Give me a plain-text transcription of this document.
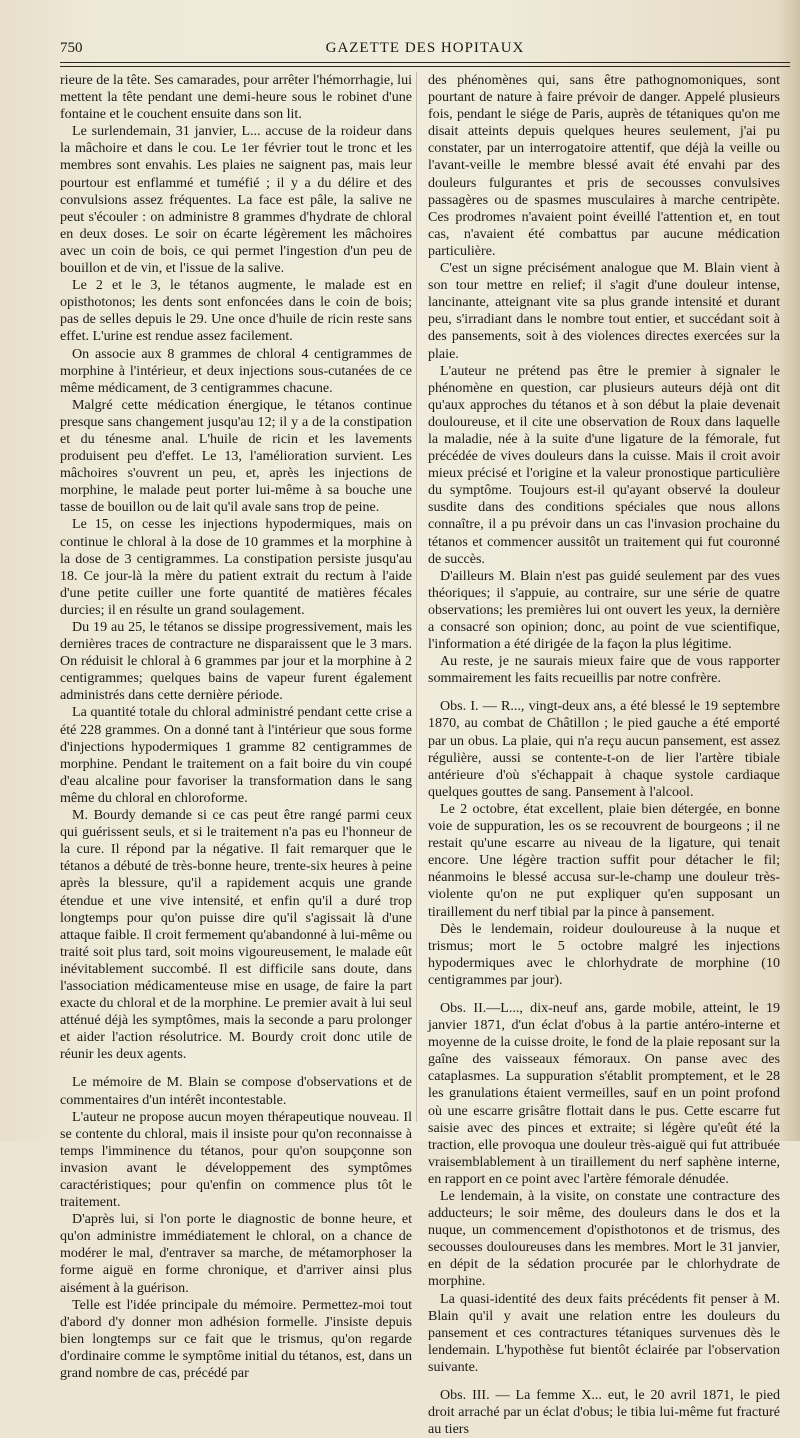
750	GAZETTE DES HOPITAUX

rieure de la tête. Ses camarades, pour arrêter l'hémorrhagie, lui mettent la tête pendant une demi-heure sous le robinet d'une fontaine et le couchent ensuite dans son lit.

Le surlendemain, 31 janvier, L... accuse de la roideur dans la mâchoire et dans le cou. Le 1er février tout le tronc et les membres sont envahis. Les plaies ne saignent pas, mais leur pourtour est enflammé et tuméfié ; il y a du délire et des convulsions assez fréquentes. La face est pâle, la salive ne peut s'écouler : on administre 8 grammes d'hydrate de chloral en deux doses. Le soir on écarte légèrement les mâchoires avec un coin de bois, ce qui permet l'ingestion d'un peu de bouillon et de vin, et l'issue de la salive.

Le 2 et le 3, le tétanos augmente, le malade est en opisthotonos; les dents sont enfoncées dans le coin de bois; pas de selles depuis le 29. Une once d'huile de ricin reste sans effet. L'urine est rendue assez facilement.

On associe aux 8 grammes de chloral 4 centigrammes de morphine à l'intérieur, et deux injections sous-cutanées de ce même médicament, de 3 centigrammes chacune.

Malgré cette médication énergique, le tétanos continue presque sans changement jusqu'au 12; il y a de la constipation et du ténesme anal. L'huile de ricin et les lavements produisent peu d'effet. Le 13, l'amélioration survient. Les mâchoires s'ouvrent un peu, et, après les injections de morphine, le malade peut porter lui-même à sa bouche une tasse de bouillon ou de lait qu'il avale sans trop de peine.

Le 15, on cesse les injections hypodermiques, mais on continue le chloral à la dose de 10 grammes et la morphine à la dose de 3 centigrammes. La constipation persiste jusqu'au 18. Ce jour-là la mère du patient extrait du rectum à l'aide d'une petite cuiller une forte quantité de matières fécales durcies; il en résulte un grand soulagement.

Du 19 au 25, le tétanos se dissipe progressivement, mais les dernières traces de contracture ne disparaissent que le 3 mars. On réduisit le chloral à 6 grammes par jour et la morphine à 2 centigrammes; quelques bains de vapeur furent également administrés dans cette dernière période.

La quantité totale du chloral administré pendant cette crise a été 228 grammes. On a donné tant à l'intérieur que sous forme d'injections hypodermiques 1 gramme 82 centigrammes de morphine. Pendant le traitement on a fait boire du vin coupé d'eau alcaline pour favoriser la transformation dans le sang même du chloral en chloroforme.

M. Bourdy demande si ce cas peut être rangé parmi ceux qui guérissent seuls, et si le traitement n'a pas eu l'honneur de la cure. Il répond par la négative. Il fait remarquer que le tétanos a débuté de très-bonne heure, trente-six heures à peine après la blessure, qu'il a rapidement acquis une grande étendue et une vive intensité, et enfin qu'il a duré trop longtemps pour qu'on puisse dire qu'il s'agissait là d'une attaque faible. Il croit fermement qu'abandonné à lui-même ou traité soit plus tard, soit moins vigoureusement, le malade eût inévitablement succombé. Il est difficile sans doute, dans l'association médicamenteuse mise en usage, de faire la part exacte du chloral et de la morphine. Le premier avait à lui seul atténué déjà les symptômes, mais la seconde a paru prolonger et aider l'action résolutrice. M. Bourdy croit donc utile de réunir les deux agents.

Le mémoire de M. Blain se compose d'observations et de commentaires d'un intérêt incontestable.

L'auteur ne propose aucun moyen thérapeutique nouveau. Il se contente du chloral, mais il insiste pour qu'on reconnaisse à temps l'imminence du tétanos, pour qu'on soupçonne son invasion avant le développement des symptômes caractéristiques; pour qu'enfin on commence plus tôt le traitement.

D'après lui, si l'on porte le diagnostic de bonne heure, et qu'on administre immédiatement le chloral, on a chance de modérer le mal, d'entraver sa marche, de métamorphoser la forme aiguë en forme chronique, et d'arriver ainsi plus aisément à la guérison.

Telle est l'idée principale du mémoire. Permettez-moi tout d'abord d'y donner mon adhésion formelle. J'insiste depuis bien longtemps sur ce fait que le trismus, qu'on regarde d'ordinaire comme le symptôme initial du tétanos, est, dans un grand nombre de cas, précédé par

des phénomènes qui, sans être pathognomoniques, sont pourtant de nature à faire prévoir de danger. Appelé plusieurs fois, pendant le siége de Paris, auprès de tétaniques qu'on me disait atteints depuis quelques heures seulement, j'ai pu constater, par un interrogatoire attentif, que déjà la veille ou l'avant-veille le membre blessé avait été envahi par des douleurs fulgurantes et pris de secousses convulsives passagères ou de spasmes musculaires à marche centripète. Ces prodromes n'avaient point éveillé l'attention et, en tout cas, n'avaient été combattus par aucune médication particulière.

C'est un signe précisément analogue que M. Blain vient à son tour mettre en relief; il s'agit d'une douleur intense, lancinante, atteignant vite sa plus grande intensité et durant peu, s'irradiant dans le nombre tout entier, et succédant soit à des pansements, soit à des violences directes exercées sur la plaie.

L'auteur ne prétend pas être le premier à signaler le phénomène en question, car plusieurs auteurs déjà ont dit qu'aux approches du tétanos et à son début la plaie devenait douloureuse, et il cite une observation de Roux dans laquelle la maladie, née à la suite d'une ligature de la fémorale, fut précédée de vives douleurs dans la cuisse. Mais il croit avoir mieux précisé et l'origine et la valeur pronostique particulière du symptôme. Toujours est-il qu'ayant observé la douleur susdite dans des conditions spéciales que nous allons connaître, il a pu prévoir dans un cas l'invasion prochaine du tétanos et commencer aussitôt un traitement qui fut couronné de succès.

D'ailleurs M. Blain n'est pas guidé seulement par des vues théoriques; il s'appuie, au contraire, sur une série de quatre observations; les premières lui ont ouvert les yeux, la dernière a consacré son opinion; donc, au point de vue scientifique, l'information a été dirigée de la façon la plus légitime.

Au reste, je ne saurais mieux faire que de vous rapporter sommairement les faits recueillis par notre confrère.

Obs. I. — R..., vingt-deux ans, a été blessé le 19 septembre 1870, au combat de Châtillon ; le pied gauche a été emporté par un obus. La plaie, qui n'a reçu aucun pansement, est assez régulière, aussi se contente-t-on de lier l'artère tibiale antérieure d'où s'échappait à chaque systole cardiaque quelques gouttes de sang. Pansement à l'alcool.

Le 2 octobre, état excellent, plaie bien détergée, en bonne voie de suppuration, les os se recouvrent de bourgeons ; il ne restait qu'une escarre au niveau de la ligature, qui tenait encore. Une légère traction suffit pour détacher le fil; néanmoins le blessé accusa sur-le-champ une douleur très-violente qu'on ne put expliquer qu'en supposant un tiraillement du nerf tibial par la pince à pansement.

Dès le lendemain, roideur douloureuse à la nuque et trismus; mort le 5 octobre malgré les injections hypodermiques avec le chlorhydrate de morphine (10 centigrammes par jour).

Obs. II.—L..., dix-neuf ans, garde mobile, atteint, le 19 janvier 1871, d'un éclat d'obus à la partie antéro-interne et moyenne de la cuisse droite, le fond de la plaie reposant sur la gaîne des vaisseaux fémoraux. On panse avec des cataplasmes. La suppuration s'établit promptement, et le 28 les granulations étaient vermeilles, sauf en un point profond où une escarre grisâtre flottait dans le pus. Cette escarre fut saisie avec des pinces et extraite; si légère qu'eût été la traction, elle provoqua une douleur très-aiguë qui fut attribuée vraisemblablement à un tiraillement du nerf saphène interne, en rapport en ce point avec l'artère fémorale dénudée.

Le lendemain, à la visite, on constate une contracture des adducteurs; le soir même, des douleurs dans le dos et la nuque, un commencement d'opisthotonos et de trismus, des secousses douloureuses dans les membres. Mort le 31 janvier, en dépit de la sédation procurée par le chlorhydrate de morphine.

La quasi-identité des deux faits précédents fit penser à M. Blain qu'il y avait une relation entre les douleurs du pansement et ces contractures tétaniques survenues dès le lendemain. L'hypothèse fut bientôt éclairée par l'observation suivante.

Obs. III. — La femme X... eut, le 20 avril 1871, le pied droit arraché par un éclat d'obus; le tibia lui-même fut fracturé au tiers
